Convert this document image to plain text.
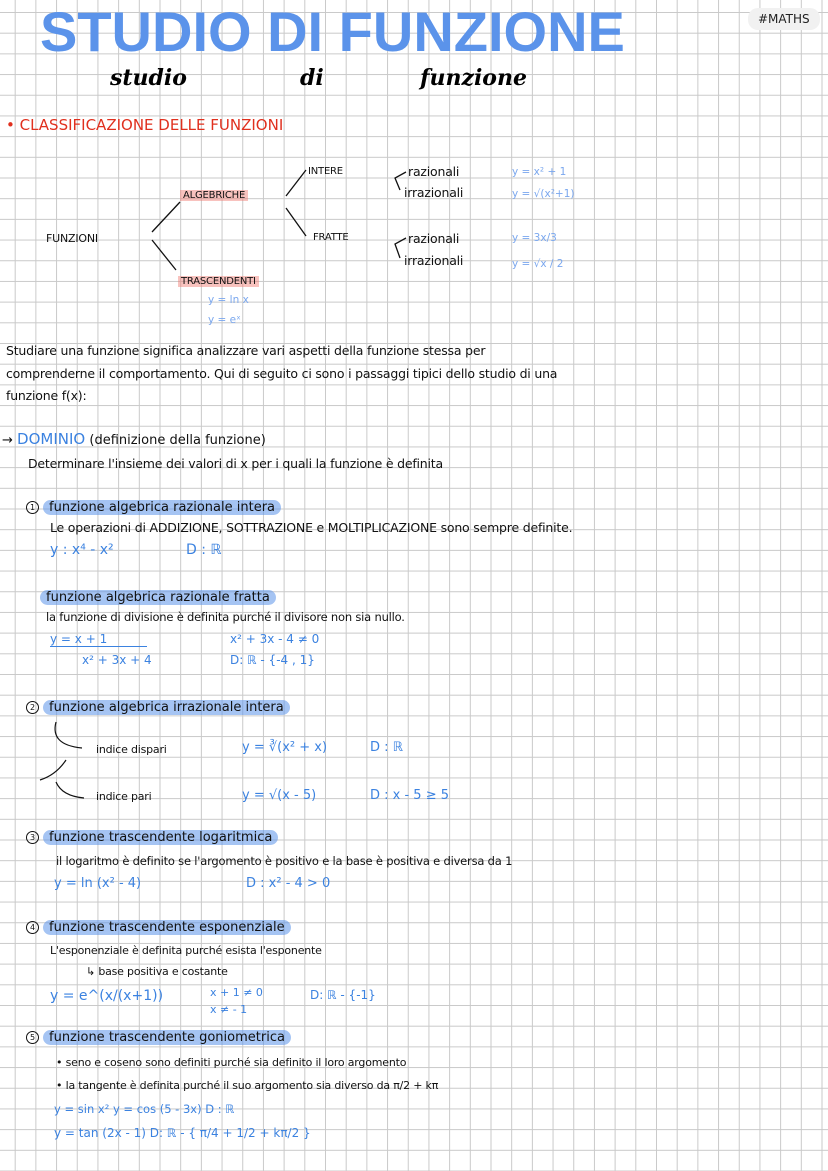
STUDIO DI FUNZIONE
studio	di	funzione
#MATHS
• CLASSIFICAZIONE DELLE FUNZIONI
FUNZIONI
ALGEBRICHE
TRASCENDENTI
INTERE
FRATTE
razionali
irrazionali
razionali
irrazionali
y = x² + 1
y = √(x²+1)
y = 3x/3
y = √x / 2
y = ln x
y = eˣ
Studiare una funzione significa analizzare vari aspetti della funzione stessa per
comprenderne il comportamento. Qui di seguito ci sono i passaggi tipici dello studio di una
funzione f(x):
→ DOMINIO (definizione della funzione)
Determinare l'insieme dei valori di x per i quali la funzione è definita
1 funzione algebrica razionale intera
Le operazioni di ADDIZIONE, SOTTRAZIONE e MOLTIPLICAZIONE sono sempre definite.
y : x⁴ - x²	D : ℝ
funzione algebrica razionale fratta
la funzione di divisione è definita purché il divisore non sia nullo.
y = x + 1
x² + 3x + 4
x² + 3x - 4 ≠ 0
D: ℝ - {-4 , 1}
2 funzione algebrica irrazionale intera
indice dispari
indice pari
y = ∛(x² + x)	D : ℝ
y = √(x - 5)	D : x - 5 ≥ 5
3 funzione trascendente logaritmica
il logaritmo è definito se l'argomento è positivo e la base è positiva e diversa da 1
y = ln (x² - 4)	D : x² - 4 > 0
4 funzione trascendente esponenziale
L'esponenziale è definita purché esista l'esponente
↳ base positiva e costante
y = e^(x/(x+1))	x + 1 ≠ 0
x ≠ - 1
D: ℝ - {-1}
5 funzione trascendente goniometrica
• seno e coseno sono definiti purché sia definito il loro argomento
• la tangente è definita purché il suo argomento sia diverso da π/2 + kπ
y = sin x² y = cos (5 - 3x) D : ℝ
y = tan (2x - 1) D: ℝ - { π/4 + 1/2 + kπ/2 }
